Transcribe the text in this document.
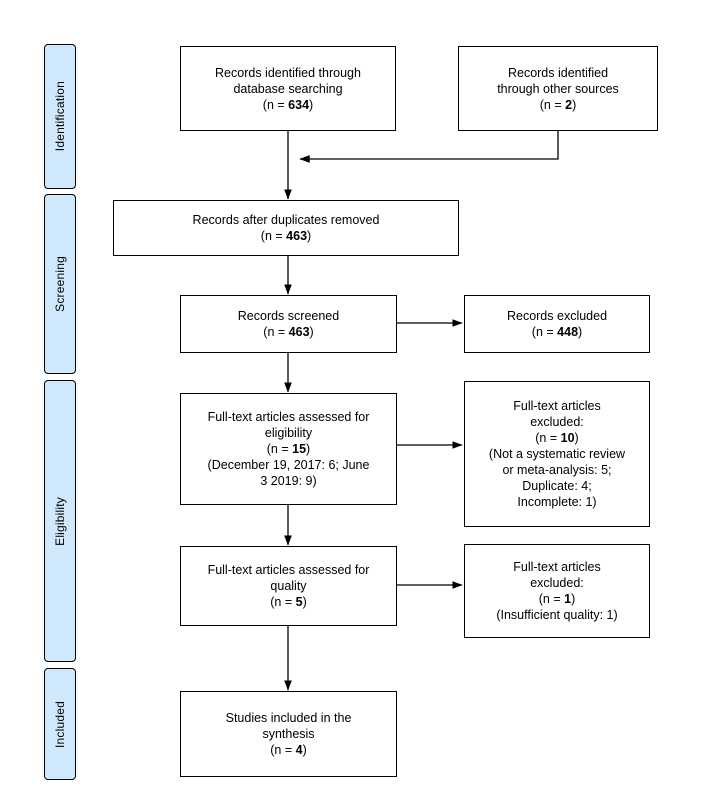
Identification
Screening
Eligibility
Included
Records identified through
database searching
(n = 634)
Records identified
through other sources
(n = 2)
Records after duplicates removed
(n = 463)
Records screened
(n = 463)
Records excluded
(n = 448)
Full-text articles assessed for
eligibility
(n = 15)
(December 19, 2017: 6; June
3 2019: 9)
Full-text articles
excluded:
(n = 10)
(Not a systematic review
or meta-analysis: 5;
Duplicate: 4;
Incomplete: 1)
Full-text articles assessed for
quality
(n = 5)
Full-text articles
excluded:
(n = 1)
(Insufficient quality: 1)
Studies included in the
synthesis
(n = 4)
